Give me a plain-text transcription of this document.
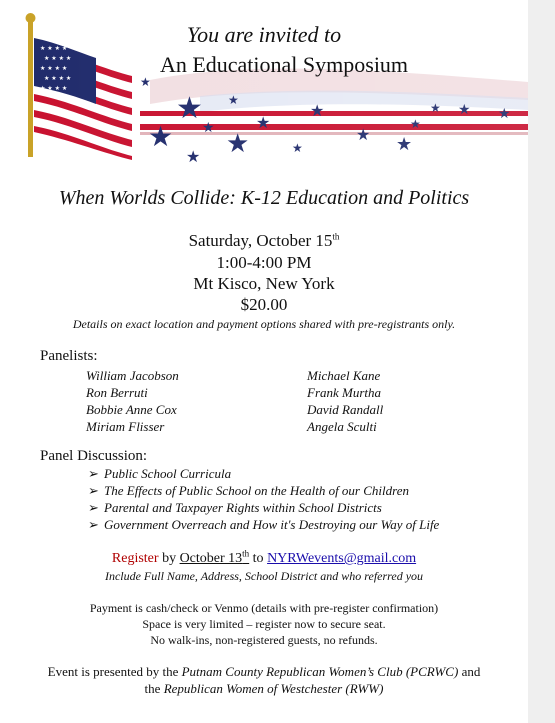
★ ★ ★ ★
★ ★ ★ ★
★ ★ ★ ★
★ ★ ★ ★
★ ★ ★ ★
★
★
★
★
★
★
★
★
★
★ ★
★
★ ★ ★
★
You are invited to
An Educational Symposium
When Worlds Collide: K-12 Education and Politics
Saturday, October 15th
1:00-4:00 PM
Mt Kisco, New York
$20.00
Details on exact location and payment options shared with pre-registrants only.
Panelists:
William Jacobson
Ron Berruti
Bobbie Anne Cox
Miriam Flisser
Michael Kane
Frank Murtha
David Randall
Angela Sculti
Panel Discussion:
➢ Public School Curricula
➢ The Effects of Public School on the Health of our Children
➢ Parental and Taxpayer Rights within School Districts
➢ Government Overreach and How it's Destroying our Way of Life
Register by October 13th to NYRWevents@gmail.com
Include Full Name, Address, School District and who referred you
Payment is cash/check or Venmo (details with pre-register confirmation)
Space is very limited – register now to secure seat.
No walk-ins, non-registered guests, no refunds.
Event is presented by the Putnam County Republican Women’s Club (PCRWC) and
the Republican Women of Westchester (RWW)
